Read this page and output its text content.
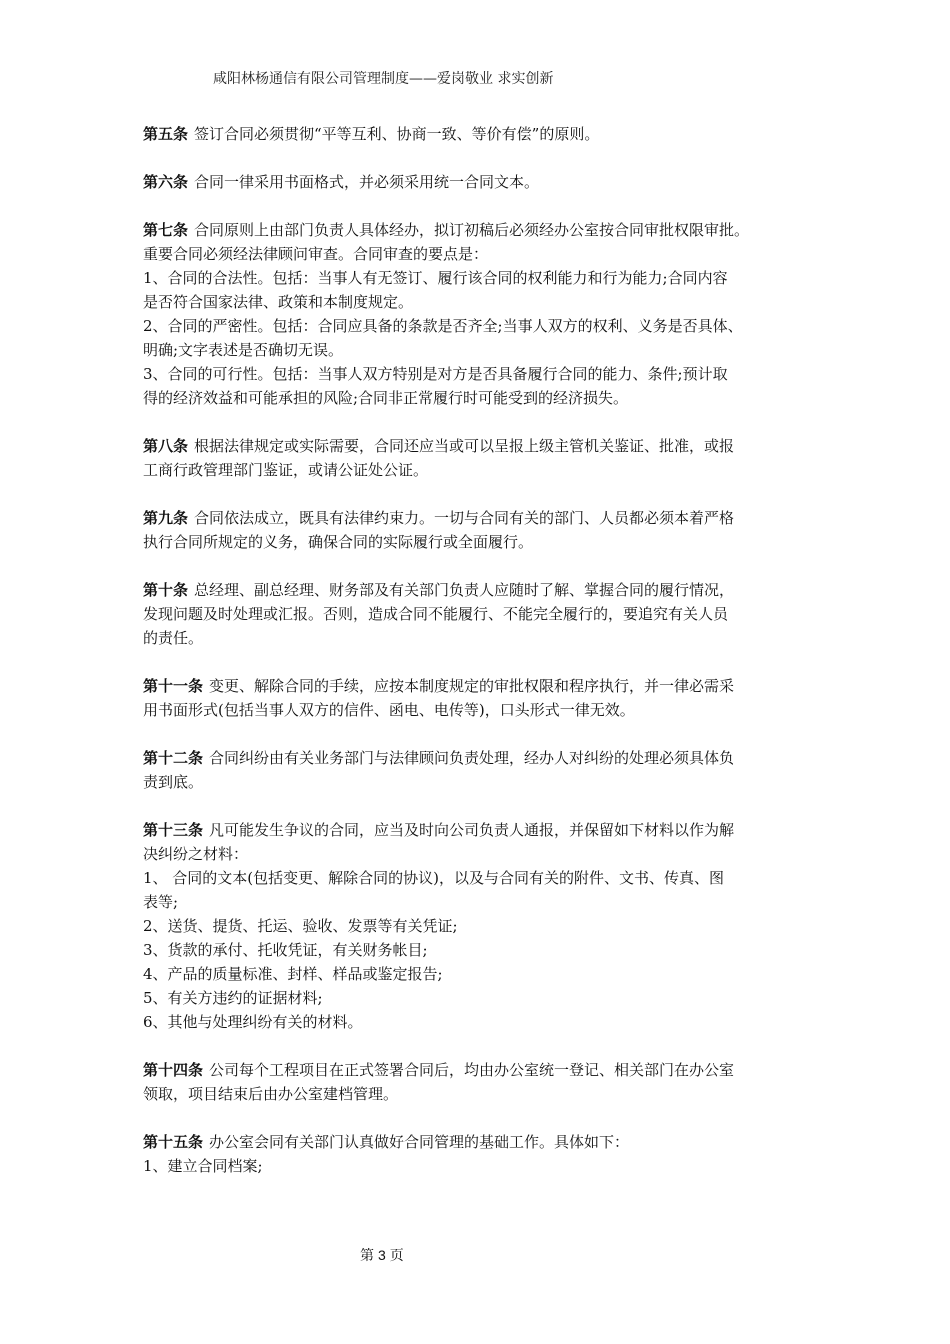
咸阳林杨通信有限公司管理制度——爱岗敬业 求实创新
第五条 签订合同必须贯彻“平等互利、协商一致、等价有偿”的原则。
第六条 合同一律采用书面格式，并必须采用统一合同文本。
第七条 合同原则上由部门负责人具体经办，拟订初稿后必须经办公室按合同审批权限审批。
重要合同必须经法律顾问审查。合同审查的要点是：
1、合同的合法性。包括：当事人有无签订、履行该合同的权利能力和行为能力;合同内容
是否符合国家法律、政策和本制度规定。
2、合同的严密性。包括：合同应具备的条款是否齐全;当事人双方的权利、义务是否具体、
明确;文字表述是否确切无误。
3、合同的可行性。包括：当事人双方特别是对方是否具备履行合同的能力、条件;预计取
得的经济效益和可能承担的风险;合同非正常履行时可能受到的经济损失。
第八条 根据法律规定或实际需要，合同还应当或可以呈报上级主管机关鉴证、批准，或报
工商行政管理部门鉴证，或请公证处公证。
第九条 合同依法成立，既具有法律约束力。一切与合同有关的部门、人员都必须本着严格
执行合同所规定的义务，确保合同的实际履行或全面履行。
第十条 总经理、副总经理、财务部及有关部门负责人应随时了解、掌握合同的履行情况，
发现问题及时处理或汇报。否则，造成合同不能履行、不能完全履行的，要追究有关人员
的责任。
第十一条 变更、解除合同的手续，应按本制度规定的审批权限和程序执行，并一律必需采
用书面形式(包括当事人双方的信件、函电、电传等)，口头形式一律无效。
第十二条 合同纠纷由有关业务部门与法律顾问负责处理，经办人对纠纷的处理必须具体负
责到底。
第十三条 凡可能发生争议的合同，应当及时向公司负责人通报，并保留如下材料以作为解
决纠纷之材料：
1、 合同的文本(包括变更、解除合同的协议)，以及与合同有关的附件、文书、传真、图
表等;
2、送货、提货、托运、验收、发票等有关凭证;
3、货款的承付、托收凭证，有关财务帐目;
4、产品的质量标准、封样、样品或鉴定报告;
5、有关方违约的证据材料;
6、其他与处理纠纷有关的材料。
第十四条 公司每个工程项目在正式签署合同后，均由办公室统一登记、相关部门在办公室
领取，项目结束后由办公室建档管理。
第十五条 办公室会同有关部门认真做好合同管理的基础工作。具体如下：
1、建立合同档案;
第 3 页
